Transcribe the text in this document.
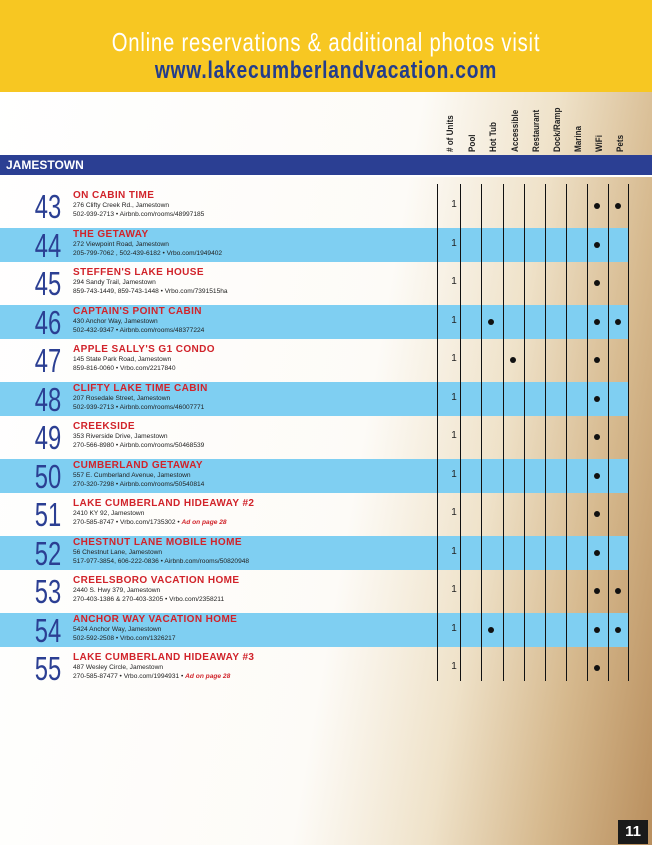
Online reservations & additional photos visit
www.lakecumberlandvacation.com
# of Units Pool Hot Tub Accessible Restaurant Dock/Ramp Marina WiFi Pets
JAMESTOWN
43 ON CABIN TIME
276 Clifty Creek Rd., Jamestown
502-939-2713 • Airbnb.com/rooms/48997185
1
44 THE GETAWAY
272 Viewpoint Road, Jamestown
205-799-7062 , 502-439-6182 • Vrbo.com/1949402
1
45 STEFFEN'S LAKE HOUSE
294 Sandy Trail, Jamestown
859-743-1449, 859-743-1448 • Vrbo.com/7391515ha
1
46 CAPTAIN'S POINT CABIN
430 Anchor Way, Jamestown
502-432-9347 • Airbnb.com/rooms/48377224
1
47 APPLE SALLY'S G1 CONDO
145 State Park Road, Jamestown
859-816-0060 • Vrbo.com/2217840
1
48 CLIFTY LAKE TIME CABIN
207 Rosedale Street, Jamestown
502-939-2713 • Airbnb.com/rooms/46007771
1
49 CREEKSIDE
353 Riverside Drive, Jamestown
270-566-8980 • Airbnb.com/rooms/50468539
1
50 CUMBERLAND GETAWAY
557 E. Cumberland Avenue, Jamestown
270-320-7298 • Airbnb.com/rooms/50540814
1
51 LAKE CUMBERLAND HIDEAWAY #2
2410 KY 92, Jamestown
270-585-8747 • Vrbo.com/1735302 • Ad on page 28
1
52 CHESTNUT LANE MOBILE HOME
56 Chestnut Lane, Jamestown
517-977-3854, 606-222-0836 • Airbnb.com/rooms/50820948
1
53 CREELSBORO VACATION HOME
2440 S. Hwy 379, Jamestown
270-403-1386 & 270-403-3205 • Vrbo.com/2358211
1
54 ANCHOR WAY VACATION HOME
5424 Anchor Way, Jamestown
502-592-2508 • Vrbo.com/1326217
1
55 LAKE CUMBERLAND HIDEAWAY #3
487 Wesley Circle, Jamestown
270-585-87477 • Vrbo.com/1994931 • Ad on page 28
1
11
